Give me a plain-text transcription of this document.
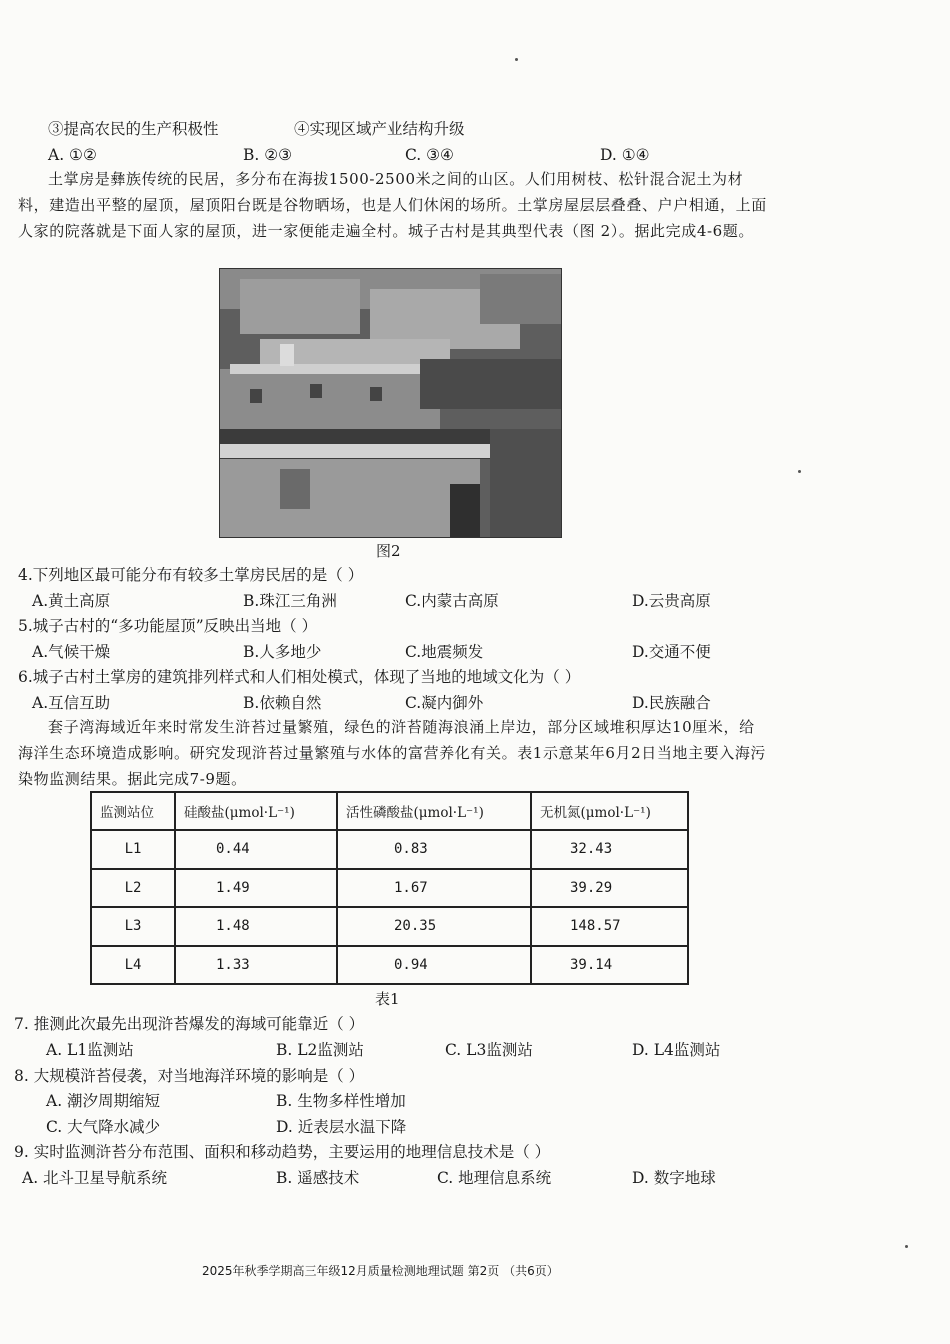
③提高农民的生产积极性	④实现区域产业结构升级
A. ①②	B. ②③	C. ③④	D. ①④
土掌房是彝族传统的民居，多分布在海拔1500-2500米之间的山区。人们用树枝、松针混合泥土为材料，建造出平整的屋顶，屋顶阳台既是谷物晒场，也是人们休闲的场所。土掌房屋层层叠叠、户户相通，上面人家的院落就是下面人家的屋顶，进一家便能走遍全村。城子古村是其典型代表（图 2）。据此完成4-6题。
图2
4.下列地区最可能分布有较多土掌房民居的是（ ）
A.黄土高原	B.珠江三角洲	C.内蒙古高原	D.云贵高原
5.城子古村的“多功能屋顶”反映出当地（ ）
A.气候干燥	B.人多地少	C.地震频发	D.交通不便
6.城子古村土掌房的建筑排列样式和人们相处模式，体现了当地的地域文化为（ ）
A.互信互助	B.依赖自然	C.凝内御外	D.民族融合
套子湾海域近年来时常发生浒苔过量繁殖，绿色的浒苔随海浪涌上岸边，部分区域堆积厚达10厘米，给海洋生态环境造成影响。研究发现浒苔过量繁殖与水体的富营养化有关。表1示意某年6月2日当地主要入海污染物监测结果。据此完成7-9题。
监测站位	硅酸盐(μmol·L⁻¹)	活性磷酸盐(μmol·L⁻¹)	无机氮(μmol·L⁻¹)
L1	0.44	0.83	32.43
L2	1.49	1.67	39.29
L3	1.48	20.35	148.57
L4	1.33	0.94	39.14
表1
7. 推测此次最先出现浒苔爆发的海域可能靠近（ ）
A. L1监测站	B. L2监测站	C. L3监测站	D. L4监测站
8. 大规模浒苔侵袭，对当地海洋环境的影响是（ ）
A. 潮汐周期缩短	B. 生物多样性增加
C. 大气降水减少	D. 近表层水温下降
9. 实时监测浒苔分布范围、面积和移动趋势，主要运用的地理信息技术是（ ）
A. 北斗卫星导航系统	B. 遥感技术	C. 地理信息系统	D. 数字地球
2025年秋季学期高三年级12月质量检测地理试题 第2页 （共6页）
